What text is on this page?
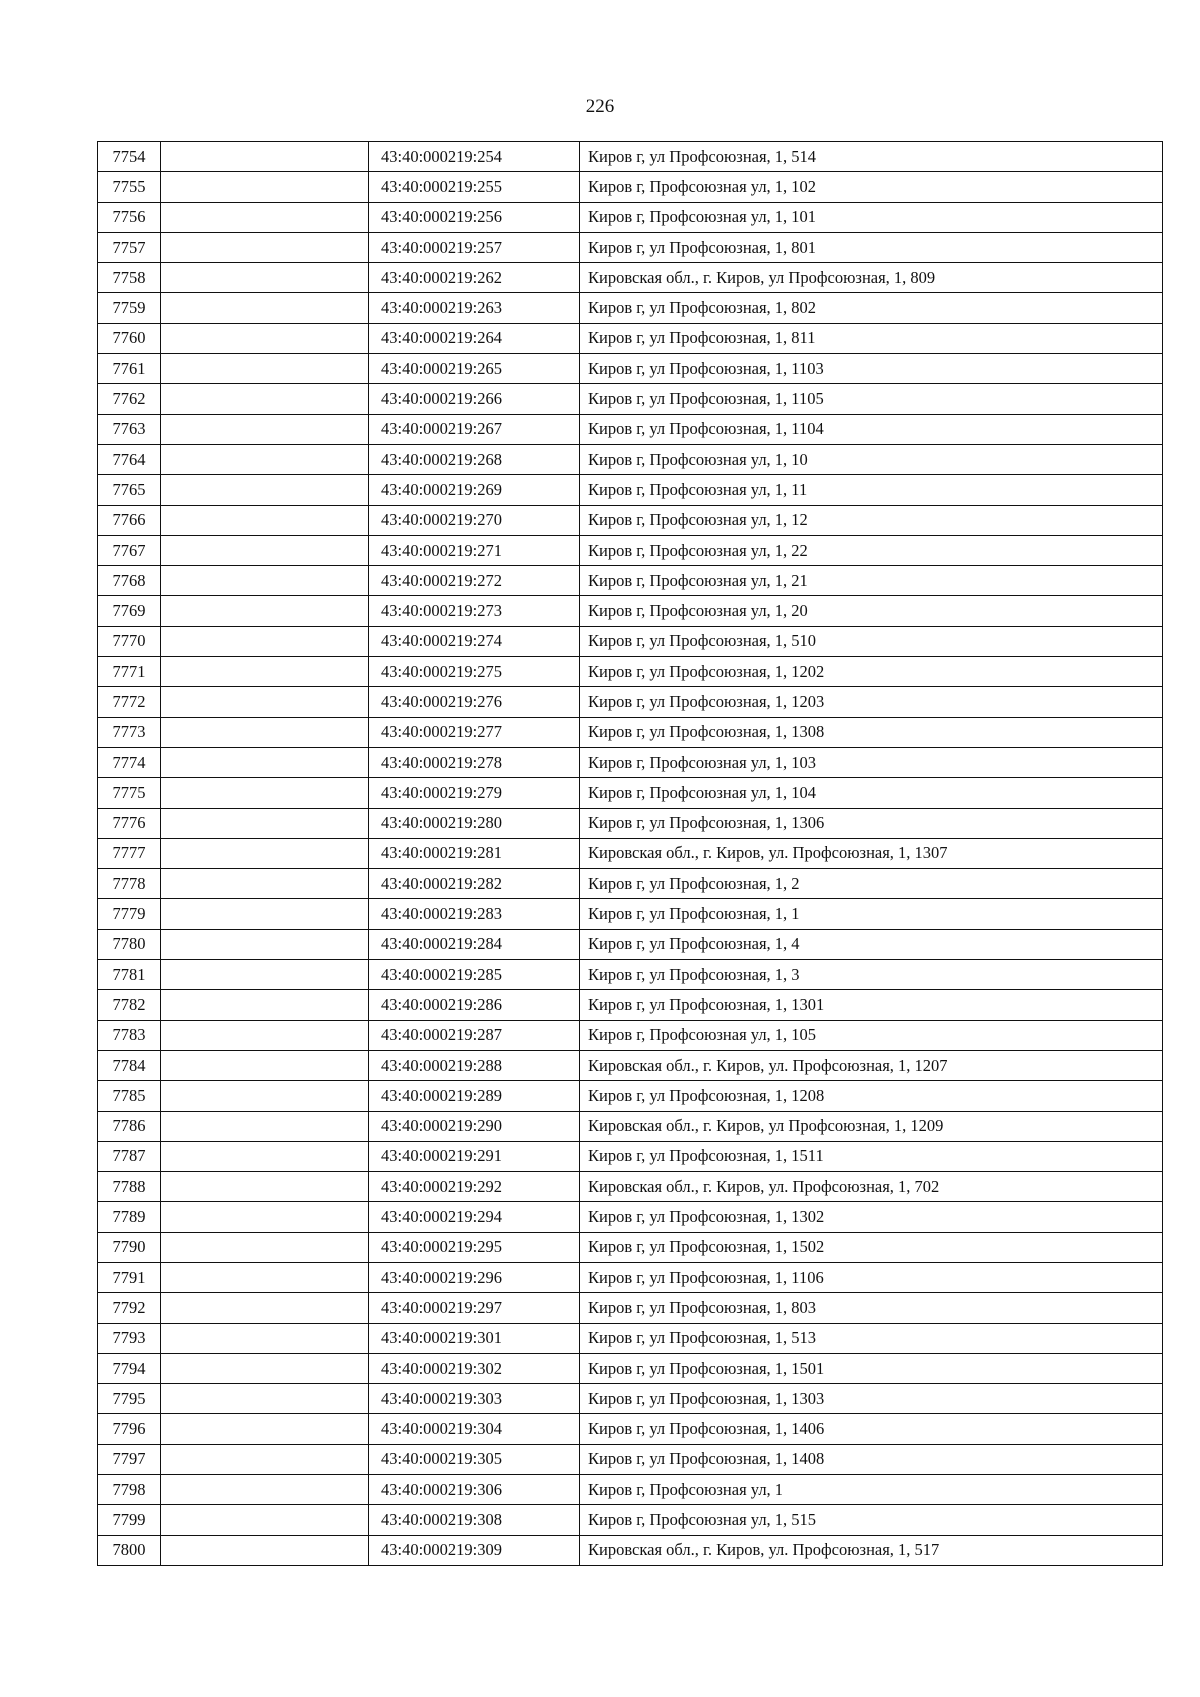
226
7754		43:40:000219:254	Киров г, ул Профсоюзная, 1, 514
7755		43:40:000219:255	Киров г, Профсоюзная ул, 1, 102
7756		43:40:000219:256	Киров г, Профсоюзная ул, 1, 101
7757		43:40:000219:257	Киров г, ул Профсоюзная, 1, 801
7758		43:40:000219:262	Кировская обл., г. Киров, ул Профсоюзная, 1, 809
7759		43:40:000219:263	Киров г, ул Профсоюзная, 1, 802
7760		43:40:000219:264	Киров г, ул Профсоюзная, 1, 811
7761		43:40:000219:265	Киров г, ул Профсоюзная, 1, 1103
7762		43:40:000219:266	Киров г, ул Профсоюзная, 1, 1105
7763		43:40:000219:267	Киров г, ул Профсоюзная, 1, 1104
7764		43:40:000219:268	Киров г, Профсоюзная ул, 1, 10
7765		43:40:000219:269	Киров г, Профсоюзная ул, 1, 11
7766		43:40:000219:270	Киров г, Профсоюзная ул, 1, 12
7767		43:40:000219:271	Киров г, Профсоюзная ул, 1, 22
7768		43:40:000219:272	Киров г, Профсоюзная ул, 1, 21
7769		43:40:000219:273	Киров г, Профсоюзная ул, 1, 20
7770		43:40:000219:274	Киров г, ул Профсоюзная, 1, 510
7771		43:40:000219:275	Киров г, ул Профсоюзная, 1, 1202
7772		43:40:000219:276	Киров г, ул Профсоюзная, 1, 1203
7773		43:40:000219:277	Киров г, ул Профсоюзная, 1, 1308
7774		43:40:000219:278	Киров г, Профсоюзная ул, 1, 103
7775		43:40:000219:279	Киров г, Профсоюзная ул, 1, 104
7776		43:40:000219:280	Киров г, ул Профсоюзная, 1, 1306
7777		43:40:000219:281	Кировская обл., г. Киров, ул. Профсоюзная, 1, 1307
7778		43:40:000219:282	Киров г, ул Профсоюзная, 1, 2
7779		43:40:000219:283	Киров г, ул Профсоюзная, 1, 1
7780		43:40:000219:284	Киров г, ул Профсоюзная, 1, 4
7781		43:40:000219:285	Киров г, ул Профсоюзная, 1, 3
7782		43:40:000219:286	Киров г, ул Профсоюзная, 1, 1301
7783		43:40:000219:287	Киров г, Профсоюзная ул, 1, 105
7784		43:40:000219:288	Кировская обл., г. Киров, ул. Профсоюзная, 1, 1207
7785		43:40:000219:289	Киров г, ул Профсоюзная, 1, 1208
7786		43:40:000219:290	Кировская обл., г. Киров, ул Профсоюзная, 1, 1209
7787		43:40:000219:291	Киров г, ул Профсоюзная, 1, 1511
7788		43:40:000219:292	Кировская обл., г. Киров, ул. Профсоюзная, 1, 702
7789		43:40:000219:294	Киров г, ул Профсоюзная, 1, 1302
7790		43:40:000219:295	Киров г, ул Профсоюзная, 1, 1502
7791		43:40:000219:296	Киров г, ул Профсоюзная, 1, 1106
7792		43:40:000219:297	Киров г, ул Профсоюзная, 1, 803
7793		43:40:000219:301	Киров г, ул Профсоюзная, 1, 513
7794		43:40:000219:302	Киров г, ул Профсоюзная, 1, 1501
7795		43:40:000219:303	Киров г, ул Профсоюзная, 1, 1303
7796		43:40:000219:304	Киров г, ул Профсоюзная, 1, 1406
7797		43:40:000219:305	Киров г, ул Профсоюзная, 1, 1408
7798		43:40:000219:306	Киров г, Профсоюзная ул, 1
7799		43:40:000219:308	Киров г, Профсоюзная ул, 1, 515
7800		43:40:000219:309	Кировская обл., г. Киров, ул. Профсоюзная, 1, 517
